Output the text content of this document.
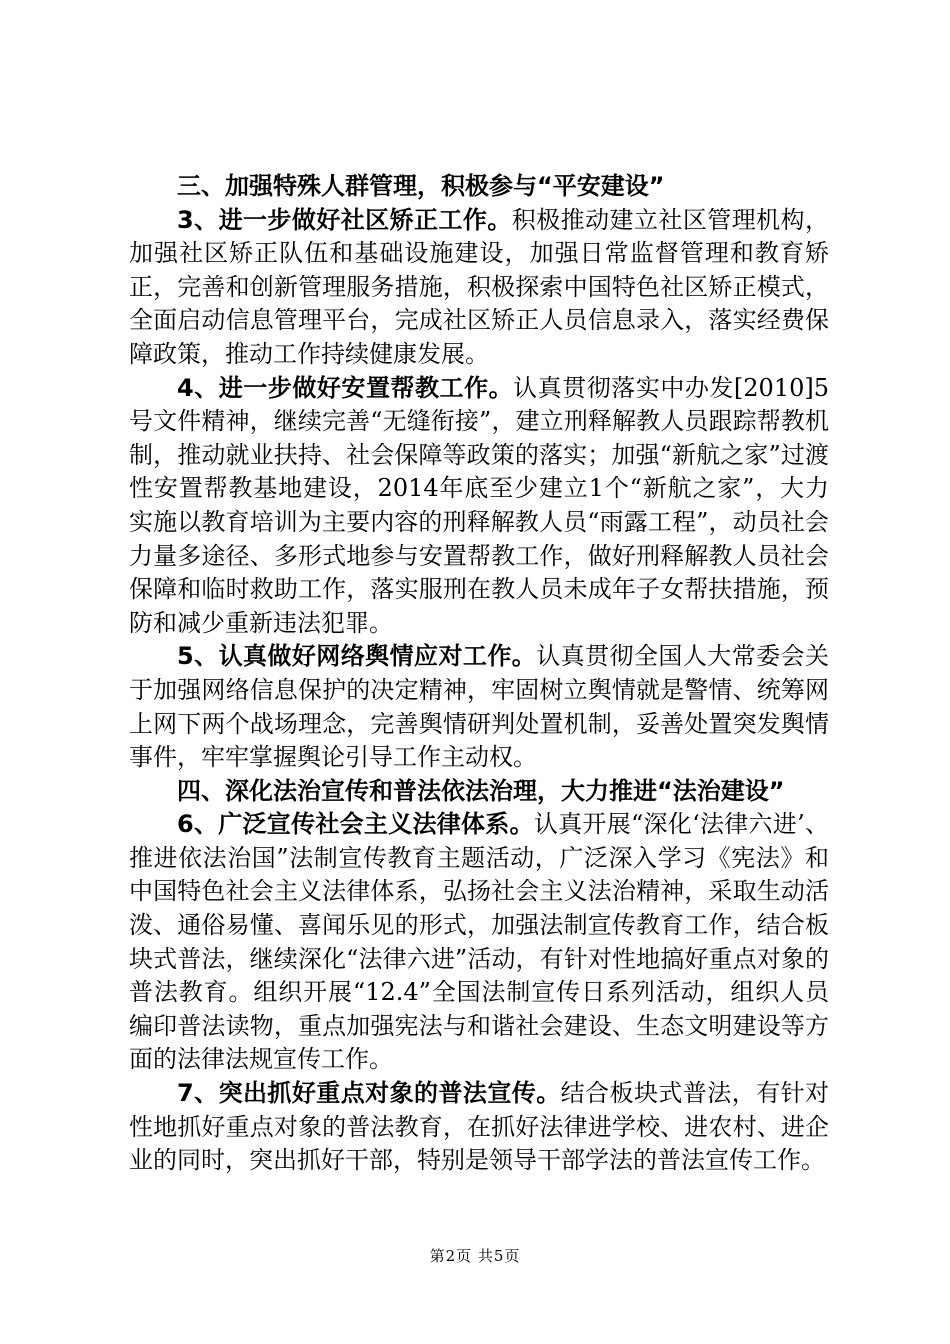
三、加强特殊人群管理，积极参与“平安建设”

3、进一步做好社区矫正工作。积极推动建立社区管理机构，加强社区矫正队伍和基础设施建设，加强日常监督管理和教育矫正，完善和创新管理服务措施，积极探索中国特色社区矫正模式，全面启动信息管理平台，完成社区矫正人员信息录入，落实经费保障政策，推动工作持续健康发展。

4、进一步做好安置帮教工作。认真贯彻落实中办发[2010]5号文件精神，继续完善“无缝衔接”，建立刑释解教人员跟踪帮教机制，推动就业扶持、社会保障等政策的落实；加强“新航之家”过渡性安置帮教基地建设，2014年底至少建立1个“新航之家”，大力实施以教育培训为主要内容的刑释解教人员“雨露工程”，动员社会力量多途径、多形式地参与安置帮教工作，做好刑释解教人员社会保障和临时救助工作，落实服刑在教人员未成年子女帮扶措施，预防和减少重新违法犯罪。

5、认真做好网络舆情应对工作。认真贯彻全国人大常委会关于加强网络信息保护的决定精神，牢固树立舆情就是警情、统筹网上网下两个战场理念，完善舆情研判处置机制，妥善处置突发舆情事件，牢牢掌握舆论引导工作主动权。

四、深化法治宣传和普法依法治理，大力推进“法治建设”

6、广泛宣传社会主义法律体系。认真开展“深化‘法律六进’、推进依法治国”法制宣传教育主题活动，广泛深入学习《宪法》和中国特色社会主义法律体系，弘扬社会主义法治精神，采取生动活泼、通俗易懂、喜闻乐见的形式，加强法制宣传教育工作，结合板块式普法，继续深化“法律六进”活动，有针对性地搞好重点对象的普法教育。组织开展“12.4”全国法制宣传日系列活动，组织人员编印普法读物，重点加强宪法与和谐社会建设、生态文明建设等方面的法律法规宣传工作。

7、突出抓好重点对象的普法宣传。结合板块式普法，有针对性地抓好重点对象的普法教育，在抓好法律进学校、进农村、进企业的同时，突出抓好干部，特别是领导干部学法的普法宣传工作。

第2页 共5页
